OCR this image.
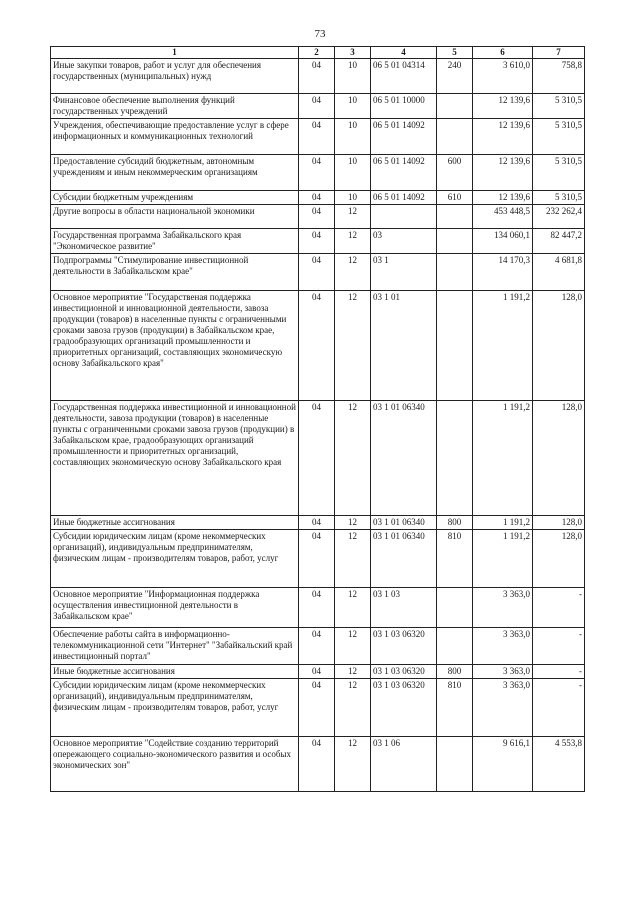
73
1	2	3	4	5	6	7
Иные закупки товаров, работ и услуг для обеспечения государственных (муниципальных) нужд	04	10	06 5 01 04314	240	3 610,0	758,8
Финансовое обеспечение выполнения функций государственных учреждений	04	10	06 5 01 10000		12 139,6	5 310,5
Учреждения, обеспечивающие предоставление услуг в сфере информационных и коммуникационных технологий	04	10	06 5 01 14092		12 139,6	5 310,5
Предоставление субсидий бюджетным, автономным учреждениям и иным некоммерческим организациям	04	10	06 5 01 14092	600	12 139,6	5 310,5
Субсидии бюджетным учреждениям	04	10	06 5 01 14092	610	12 139,6	5 310,5
Другие вопросы в области национальной экономики	04	12			453 448,5	232 262,4
Государственная программа Забайкальского края "Экономическое развитие"	04	12	03		134 060,1	82 447,2
Подпрограммы "Стимулирование инвестиционной деятельности в Забайкальском крае"	04	12	03 1		14 170,3	4 681,8
Основное мероприятие "Государственая поддержка инвестиционной и инновационной деятельности, завоза продукции (товаров) в населенные пункты с ограниченными сроками завоза грузов (продукции) в Забайкальском крае, градообразующих организаций промышленности и приоритетных организаций, составляющих экономическую основу Забайкальского края"	04	12	03 1 01		1 191,2	128,0
Государственная поддержка инвестиционной и инновационной деятельности, завоза продукции (товаров) в населенные пункты с ограниченными сроками завоза грузов (продукции) в Забайкальском крае, градообразующих организаций промышленности и приоритетных организаций, составляющих экономическую основу Забайкальского края	04	12	03 1 01 06340		1 191,2	128,0
Иные бюджетные ассигнования	04	12	03 1 01 06340	800	1 191,2	128,0
Субсидии юридическим лицам (кроме некоммерческих организаций), индивидуальным предпринимателям, физическим лицам - производителям товаров, работ, услуг	04	12	03 1 01 06340	810	1 191,2	128,0
Основное мероприятие "Информационная поддержка осуществления инвестиционной деятельности в Забайкальском крае"	04	12	03 1 03		3 363,0	-
Обеспечение работы сайта в информационно-телекоммуникационной сети "Интернет" "Забайкальский край инвестиционный портал"	04	12	03 1 03 06320		3 363,0	-
Иные бюджетные ассигнования	04	12	03 1 03 06320	800	3 363,0	-
Субсидии юридическим лицам (кроме некоммерческих организаций), индивидуальным предпринимателям, физическим лицам - производителям товаров, работ, услуг	04	12	03 1 03 06320	810	3 363,0	-
Основное мероприятие "Содействие созданию территорий опережающего социально-экономического развития и особых экономических зон"	04	12	03 1 06		9 616,1	4 553,8
